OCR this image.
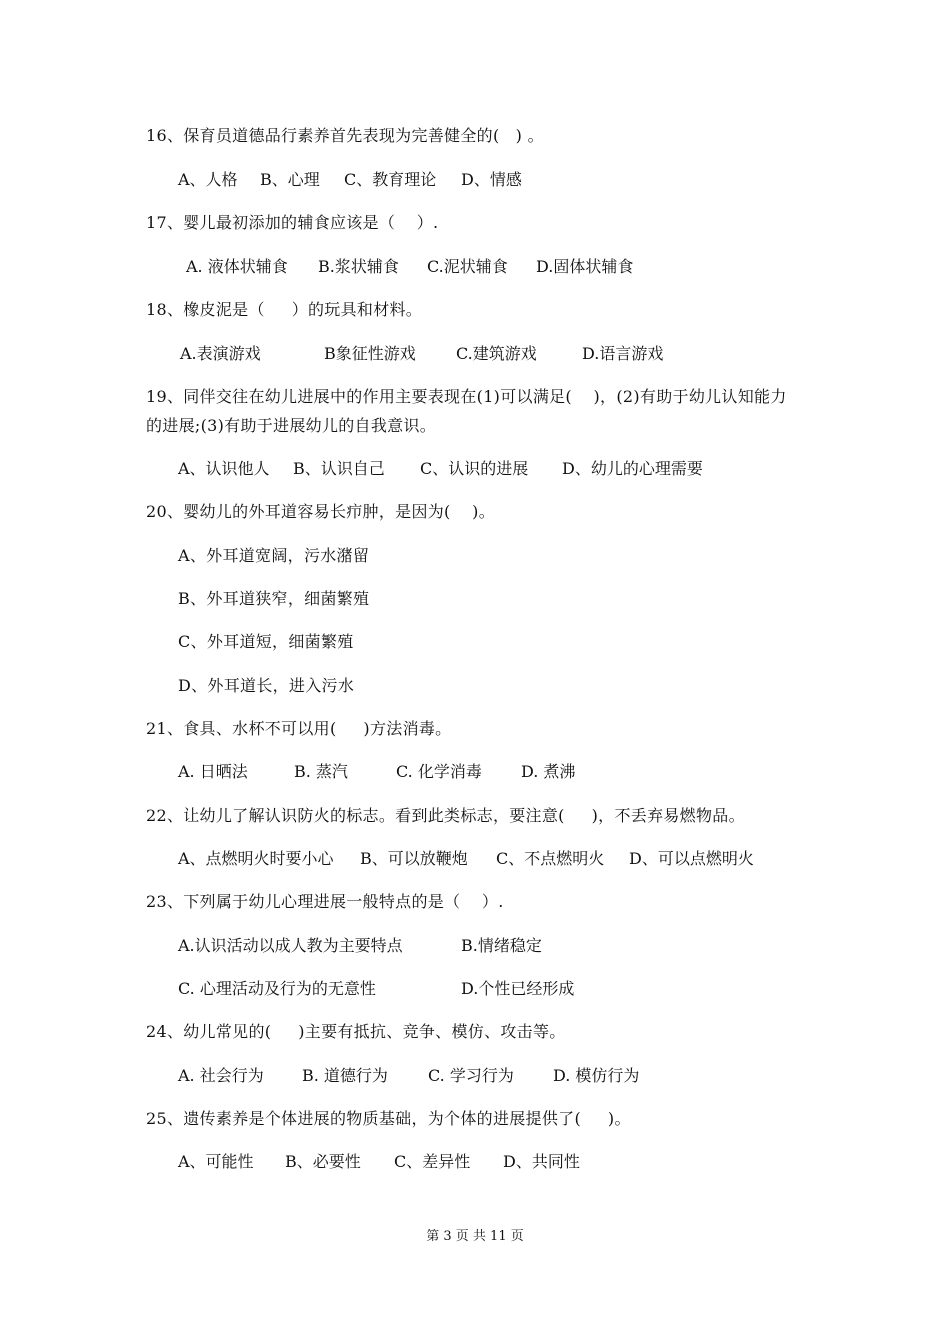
16、保育员道德品行素养首先表现为完善健全的(   ) 。

A、人格

B、心理

C、教育理论

D、情感

17、婴儿最初添加的辅食应该是（    ）.

A. 液体状辅食

B.浆状辅食

C.泥状辅食

D.固体状辅食

18、橡皮泥是（     ）的玩具和材料。

A.表演游戏

	B象征性游戏

	C.建筑游戏

	D.语言游戏

19、同伴交往在幼儿进展中的作用主要表现在(1)可以满足(    )，(2)有助于幼儿认知能力
的进展;(3)有助于进展幼儿的自我意识。

A、认识他人

B、认识自己

C、认识的进展

D、幼儿的心理需要

20、婴幼儿的外耳道容易长疖肿，是因为(    )。
A、外耳道宽阔，污水潴留
B、外耳道狭窄，细菌繁殖
C、外耳道短，细菌繁殖
D、外耳道长，进入污水
21、食具、水杯不可以用(     )方法消毒。

A. 日晒法

	B. 蒸汽

	C. 化学消毒

D. 煮沸

22、让幼儿了解认识防火的标志。看到此类标志，要注意(     )，不丢弃易燃物品。

A、点燃明火时要小心

B、可以放鞭炮

C、不点燃明火

D、可以点燃明火

23、下列属于幼儿心理进展一般特点的是（    ）.

A.认识活动以成人教为主要特点

	B.情绪稳定

C. 心理活动及行为的无意性

	D.个性已经形成

24、幼儿常见的(     )主要有抵抗、竞争、模仿、攻击等。

A. 社会行为

B. 道德行为

	C. 学习行为

D. 模仿行为

25、遗传素养是个体进展的物质基础，为个体的进展提供了(     )。

A、可能性

B、必要性

C、差异性

D、共同性

第 3 页 共 11 页
